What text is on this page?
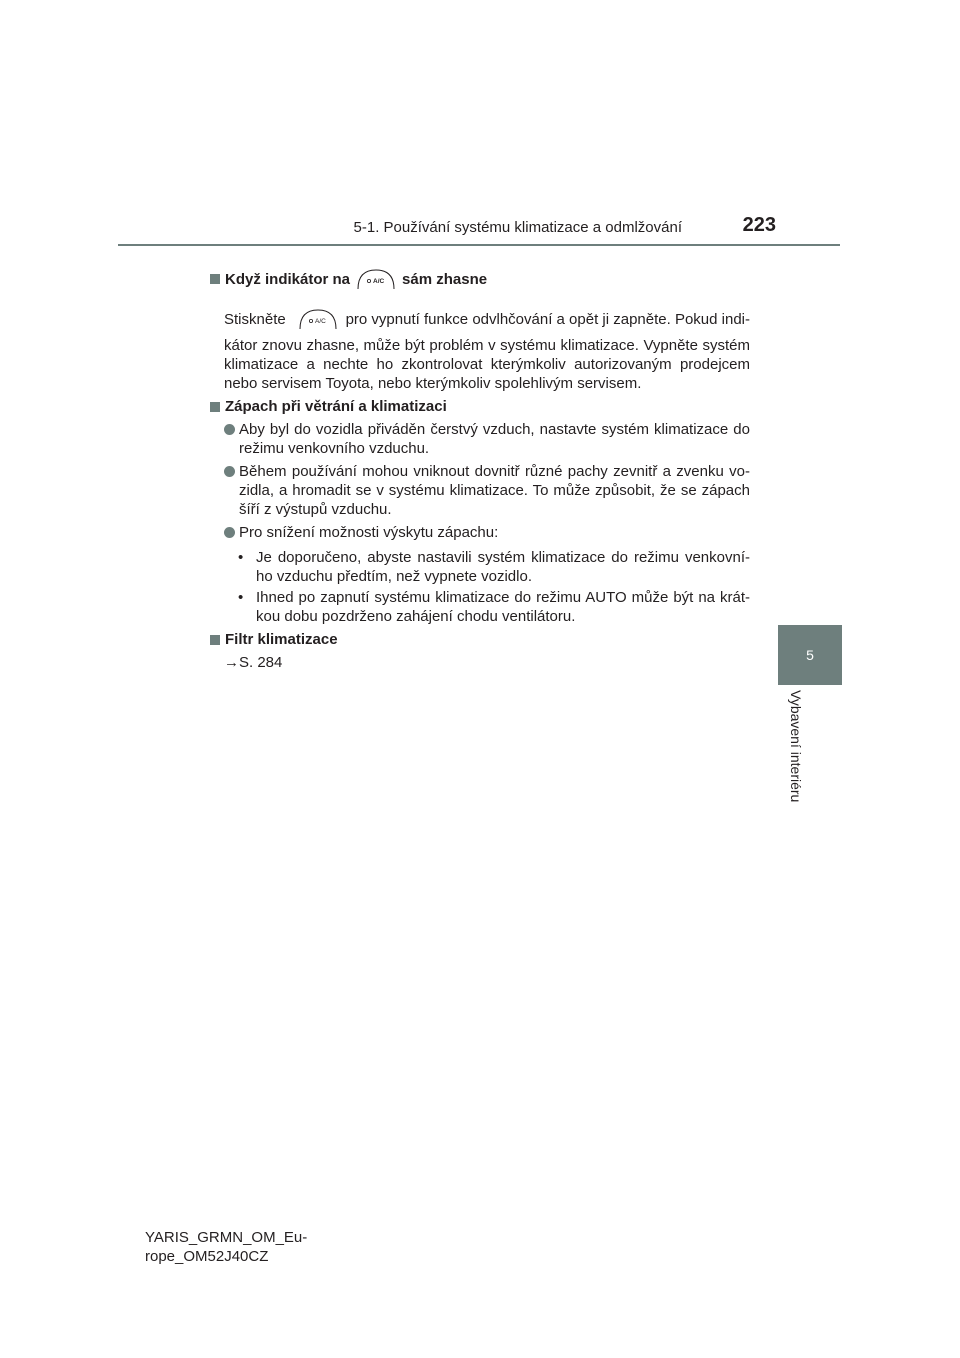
5-1. Používání systému klimatizace a odmlžování	223
5
Vybavení interiéru
Když indikátor na	A/C sám zhasne
Stiskněte	A/C pro vypnutí funkce odvlhčování a opět ji zapněte. Pokud indi-
kátor znovu zhasne, může být problém v systému klimatizace. Vypněte systém klimatizace a nechte ho zkontrolovat kterýmkoliv autorizovaným prodejcem nebo servisem Toyota, nebo kterýmkoliv spolehlivým servisem.
Zápach při větrání a klimatizaci
Aby byl do vozidla přiváděn čerstvý vzduch, nastavte systém klimatizace do režimu venkovního vzduchu.
Během používání mohou vniknout dovnitř různé pachy zevnitř a zvenku vo-zidla, a hromadit se v systému klimatizace. To může způsobit, že se zápach šíří z výstupů vzduchu.
Pro snížení možnosti výskytu zápachu:
• Je doporučeno, abyste nastavili systém klimatizace do režimu venkovní-ho vzduchu předtím, než vypnete vozidlo.
• Ihned po zapnutí systému klimatizace do režimu AUTO může být na krát-kou dobu pozdrženo zahájení chodu ventilátoru.
Filtr klimatizace
→S. 284
YARIS_GRMN_OM_Eu-
rope_OM52J40CZ
